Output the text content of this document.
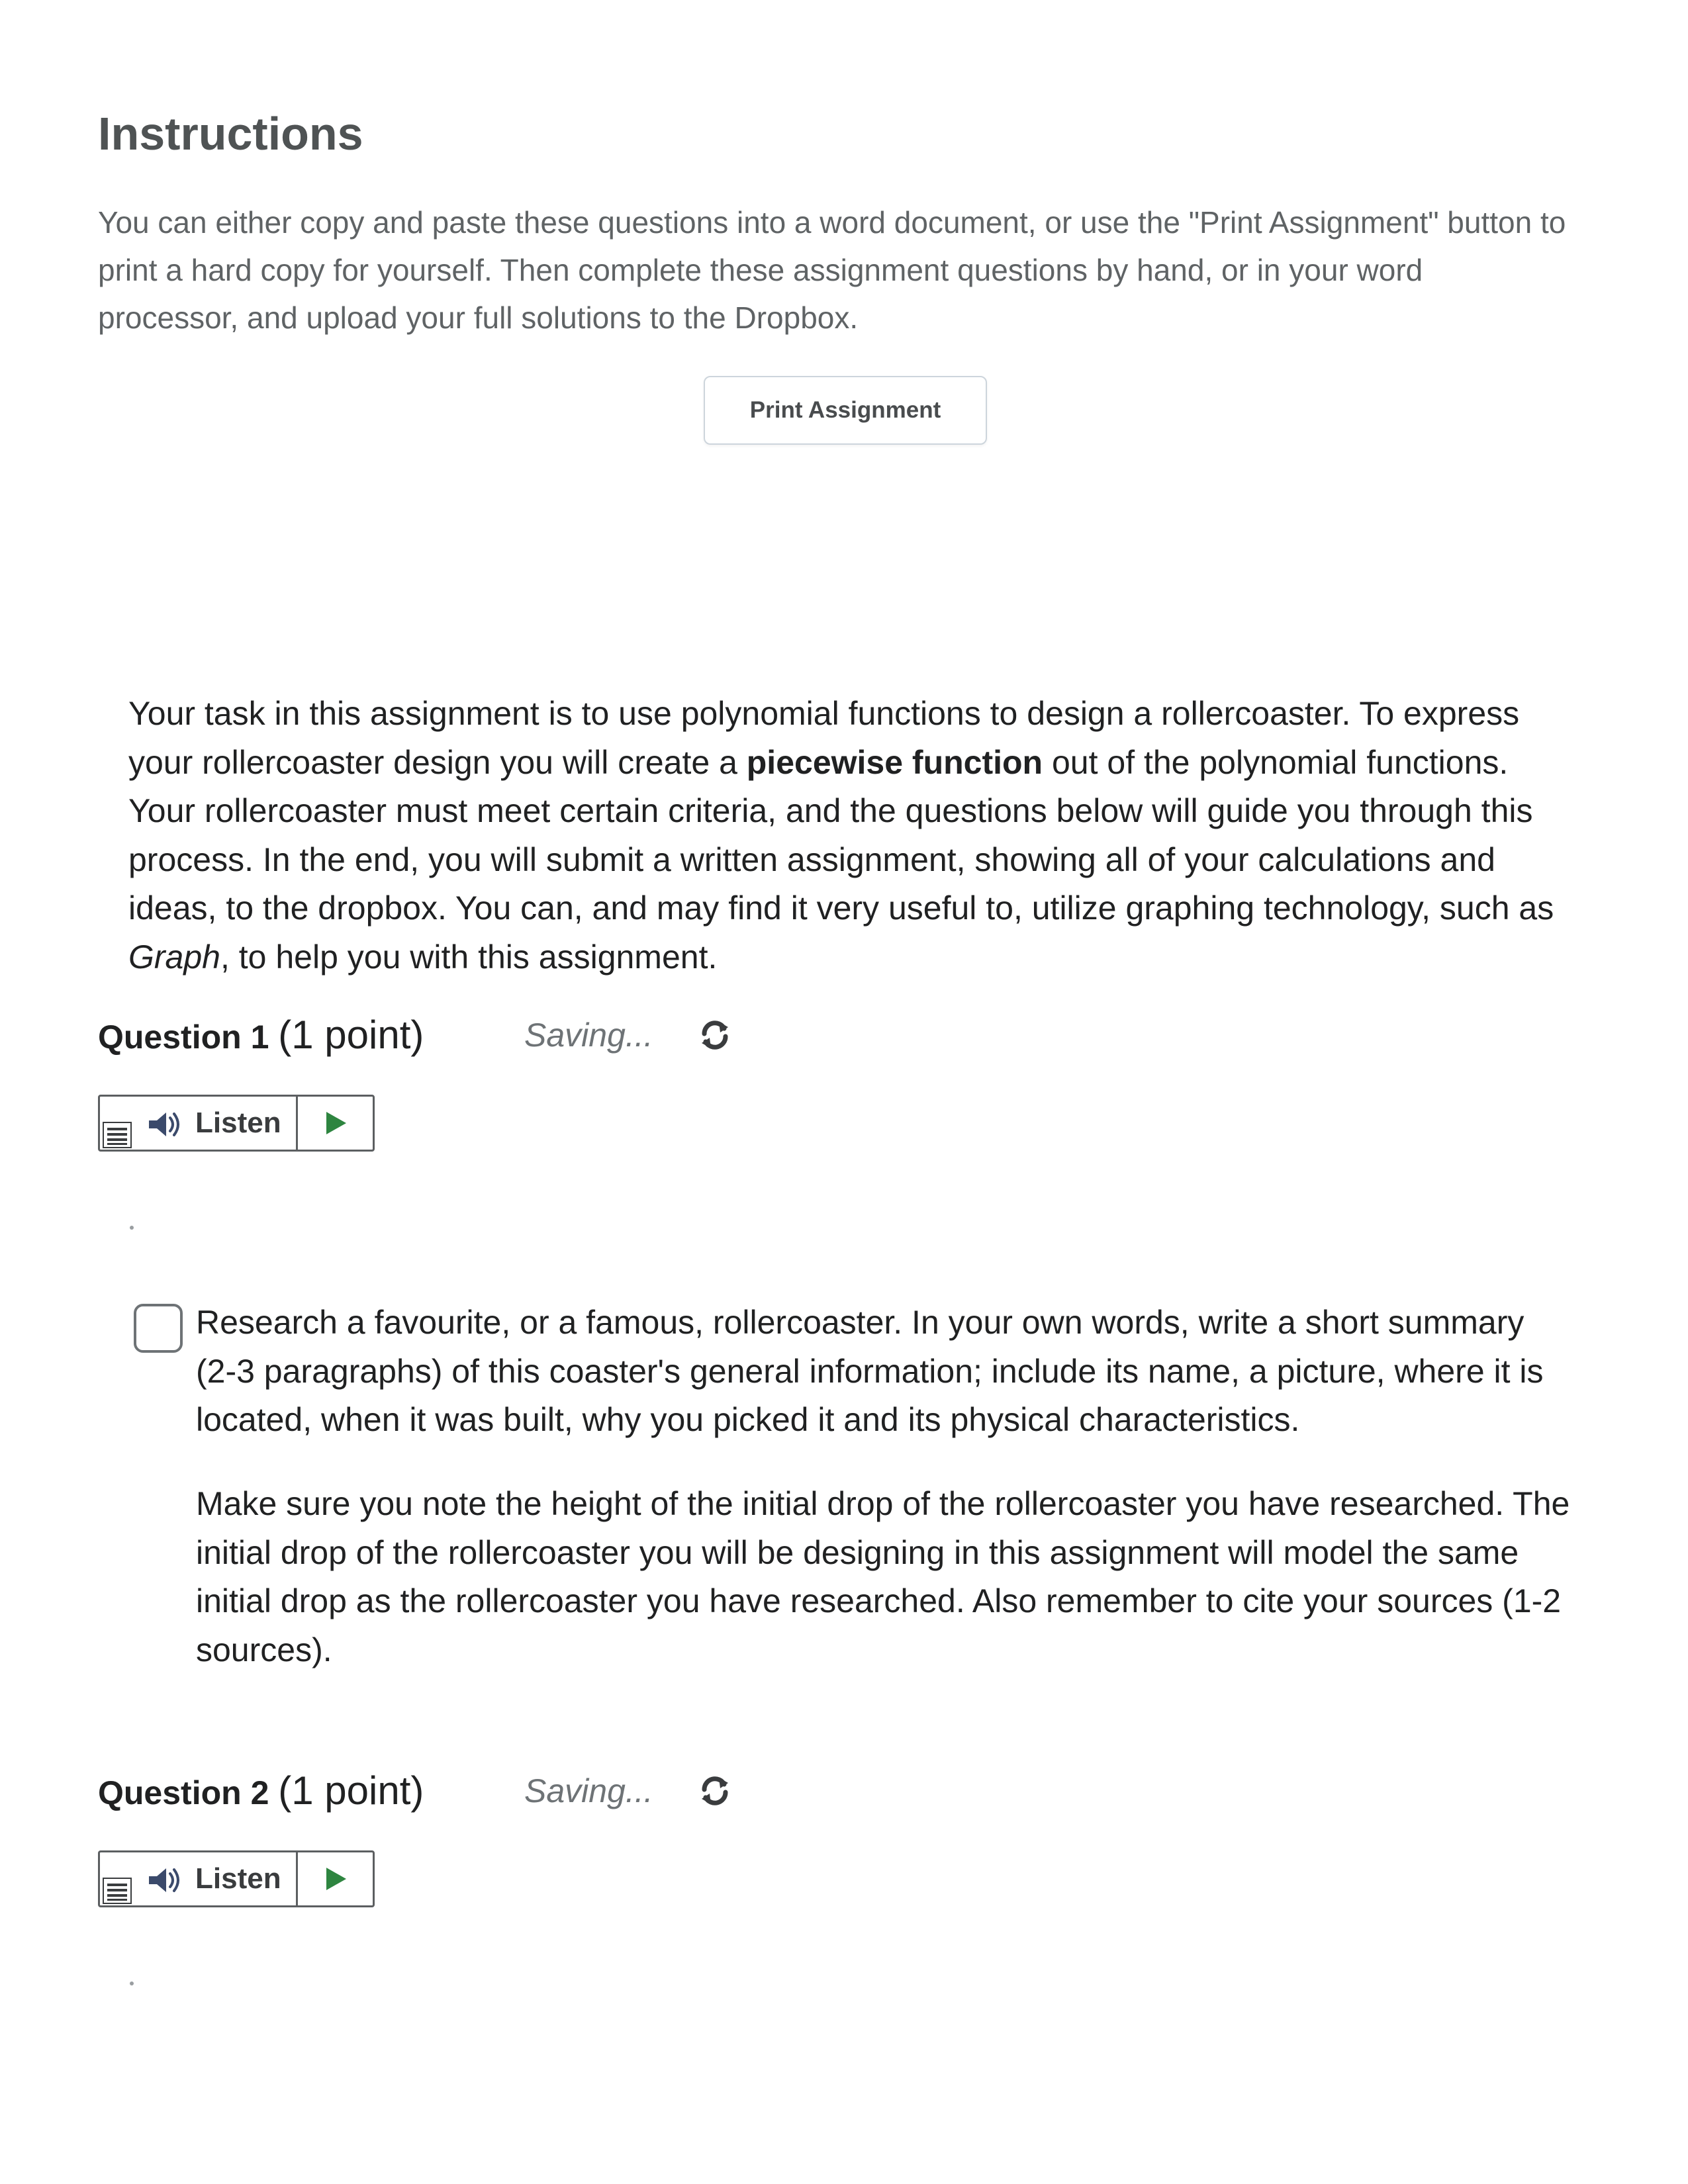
Instructions

You can either copy and paste these questions into a word document, or use the "Print Assignment" button to print a hard copy for yourself. Then complete these assignment questions by hand, or in your word processor, and upload your full solutions to the Dropbox.

Print Assignment

Your task in this assignment is to use polynomial functions to design a rollercoaster. To express your rollercoaster design you will create a piecewise function out of the polynomial functions. Your rollercoaster must meet certain criteria, and the questions below will guide you through this process. In the end, you will submit a written assignment, showing all of your calculations and ideas, to the dropbox. You can, and may find it very useful to, utilize graphing technology, such as Graph, to help you with this assignment.

Question 1 (1 point)	Saving...
Listen

Research a favourite, or a famous, rollercoaster. In your own words, write a short summary (2-3 paragraphs) of this coaster's general information; include its name, a picture, where it is located, when it was built, why you picked it and its physical characteristics.

Make sure you note the height of the initial drop of the rollercoaster you have researched. The initial drop of the rollercoaster you will be designing in this assignment will model the same initial drop as the rollercoaster you have researched. Also remember to cite your sources (1-2 sources).

Question 2 (1 point)	Saving...
Listen
